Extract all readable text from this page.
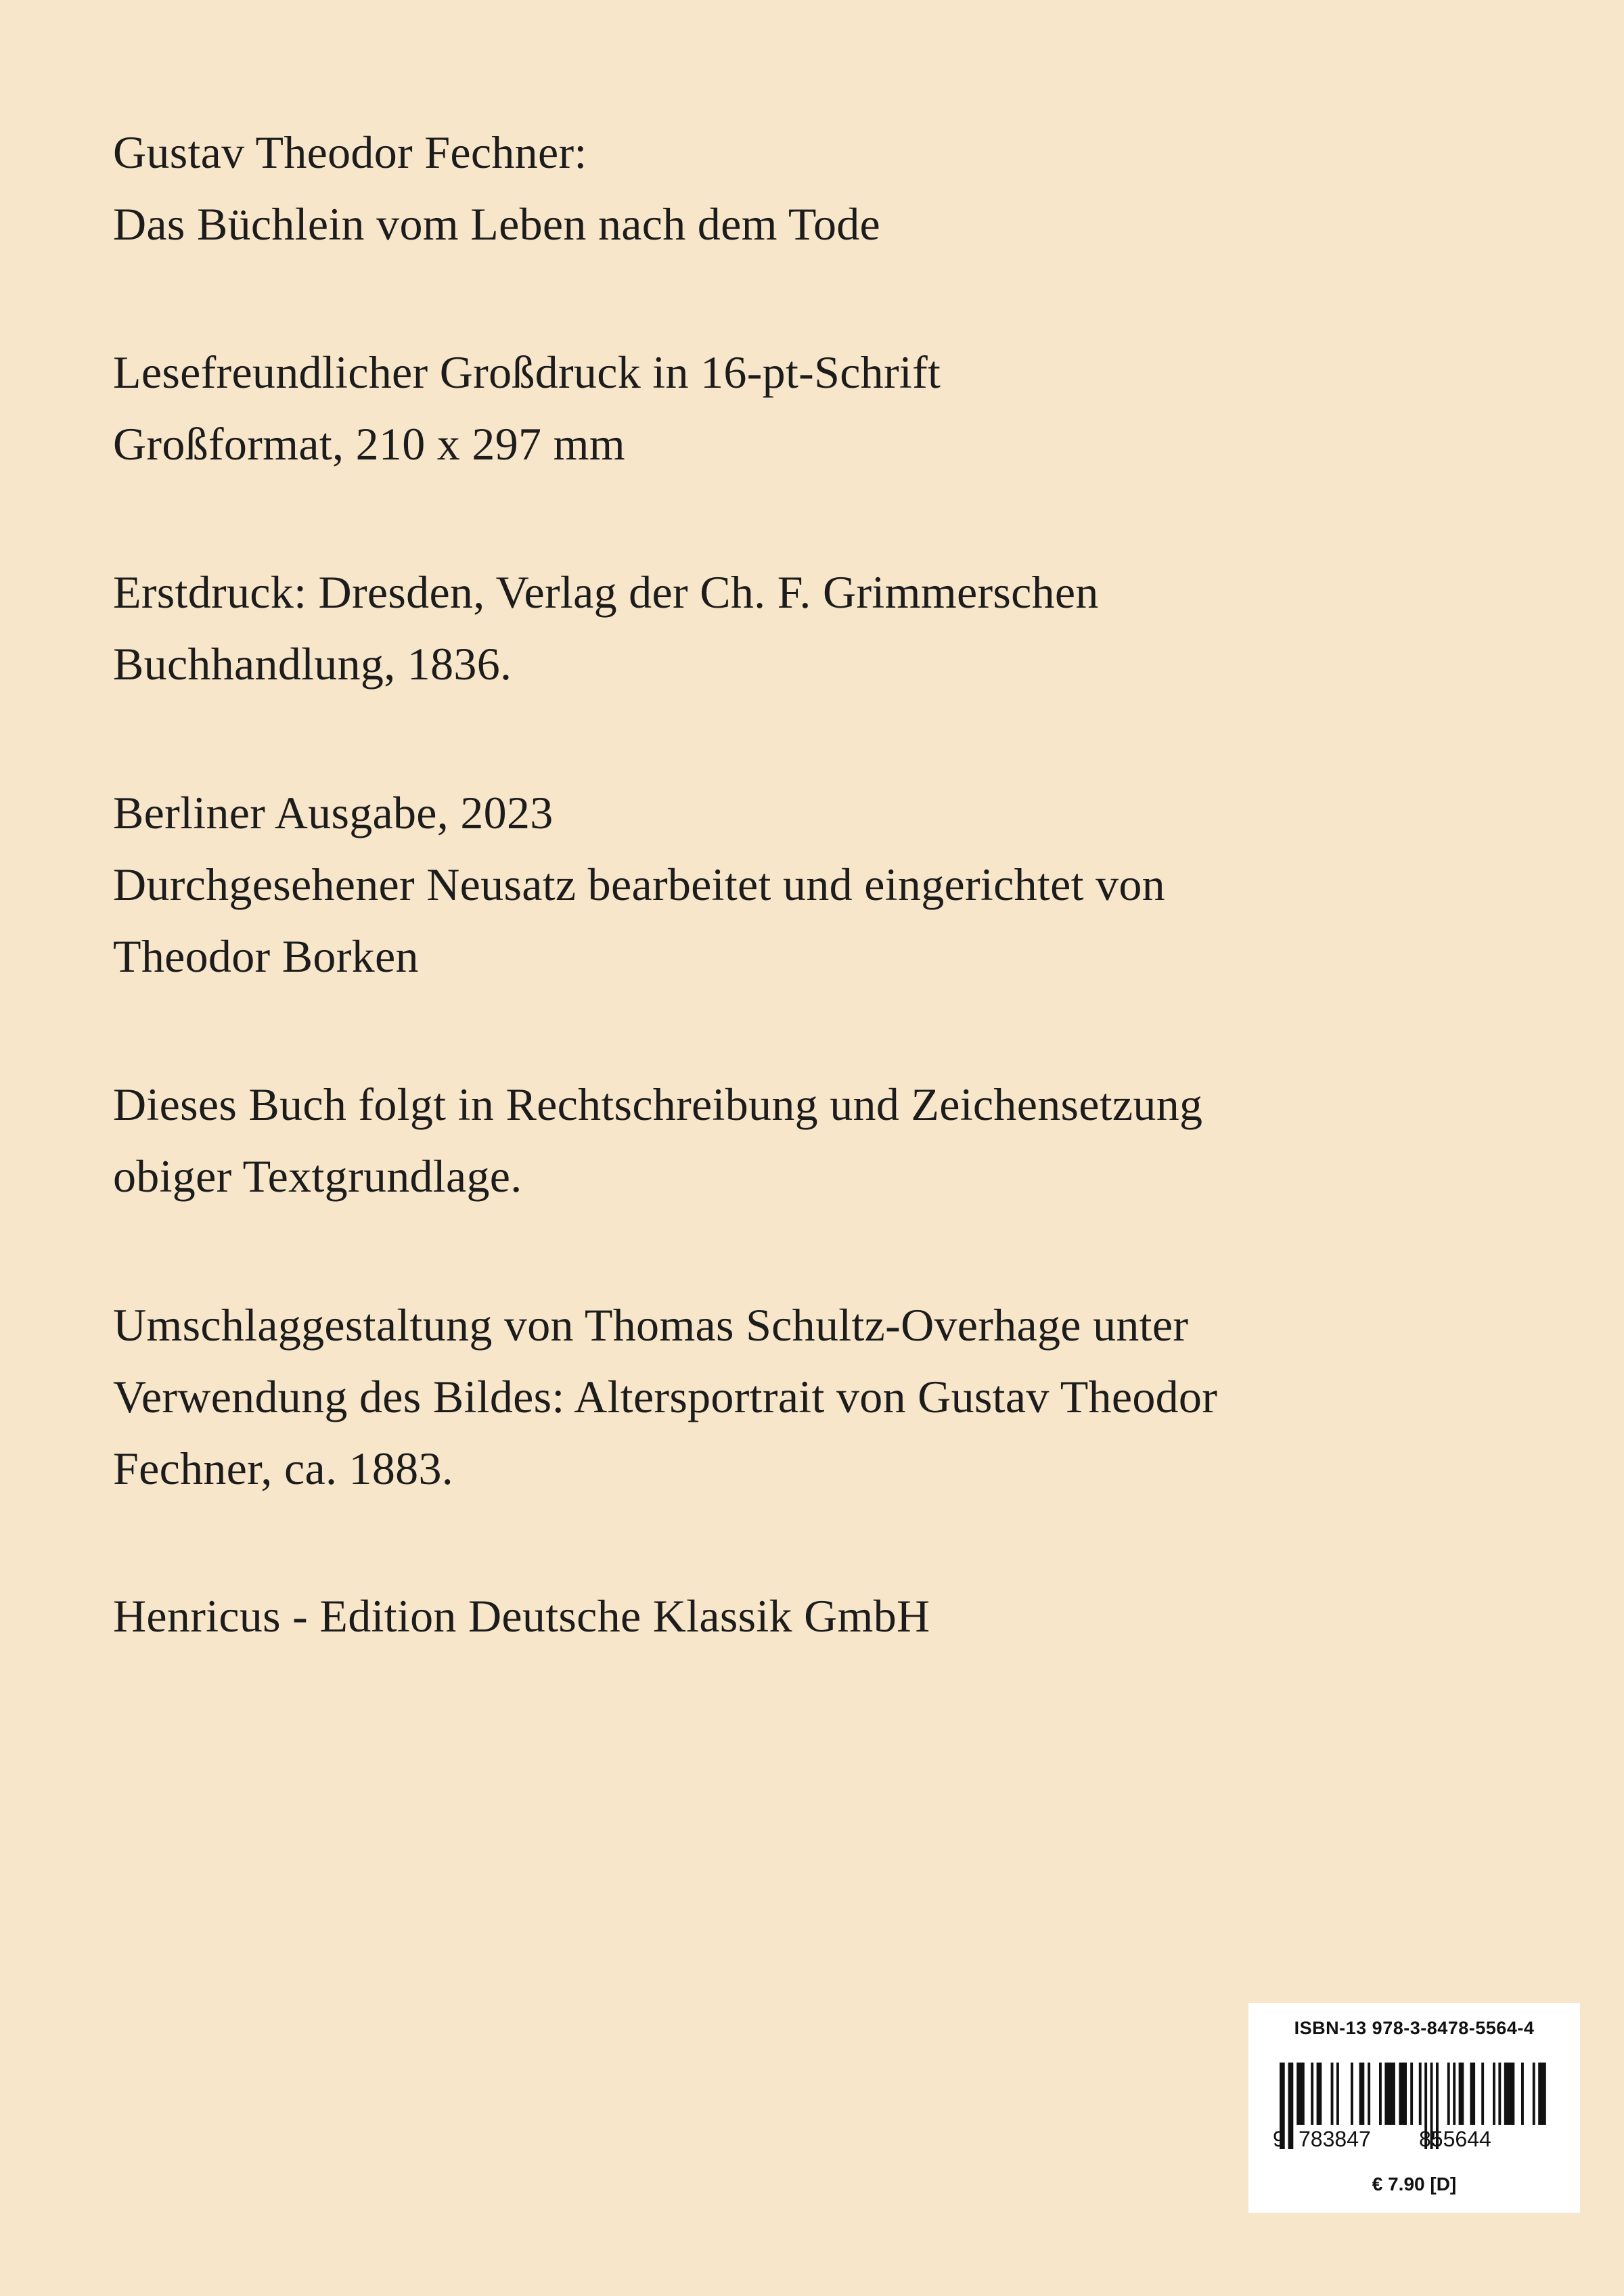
Gustav Theodor Fechner:
Das Büchlein vom Leben nach dem Tode

Lesefreundlicher Großdruck in 16-pt-Schrift
Großformat, 210 x 297 mm

Erstdruck: Dresden, Verlag der Ch. F. Grimmerschen
Buchhandlung, 1836.

Berliner Ausgabe, 2023
Durchgesehener Neusatz bearbeitet und eingerichtet von
Theodor Borken

Dieses Buch folgt in Rechtschreibung und Zeichensetzung
obiger Textgrundlage.

Umschlaggestaltung von Thomas Schultz-Overhage unter
Verwendung des Bildes: Altersportrait von Gustav Theodor
Fechner, ca. 1883.

Henricus - Edition Deutsche Klassik GmbH

ISBN-13 978-3-8478-5564-4
9 783847 855644
€ 7.90 [D]
